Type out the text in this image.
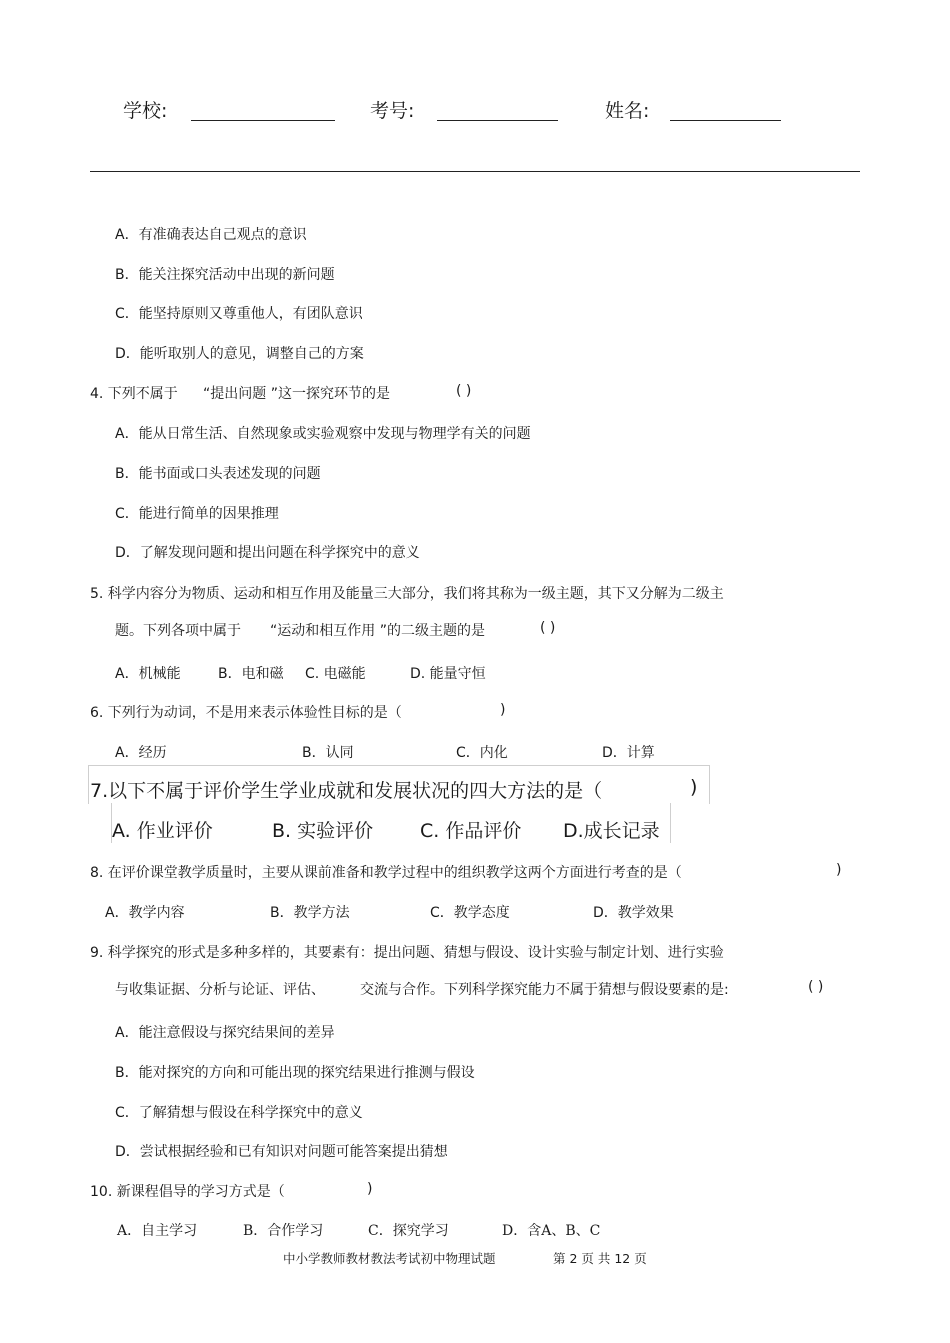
学校:	考号:	姓名:
A．有准确表达自己观点的意识
B．能关注探究活动中出现的新问题
C．能坚持原则又尊重他人，有团队意识
D．能听取别人的意见，调整自己的方案
4. 下列不属于 “提出问题 ”这一探究环节的是	( )
A．能从日常生活、自然现象或实验观察中发现与物理学有关的问题
B．能书面或口头表述发现的问题
C．能进行简单的因果推理
D．了解发现问题和提出问题在科学探究中的意义
5. 科学内容分为物质、运动和相互作用及能量三大部分，我们将其称为一级主题，其下又分解为二级主
题。下列各项中属于 “运动和相互作用 ”的二级主题的是	( )
A．机械能	B．电和磁 C. 电磁能	D. 能量守恒
6. 下列行为动词，不是用来表示体验性目标的是（	)
A．经历	B．认同	C．内化	D．计算
7.以下不属于评价学生学业成就和发展状况的四大方法的是（	)
A. 作业评价	B. 实验评价 C. 作品评价 D.成长记录
8. 在评价课堂教学质量时，主要从课前准备和教学过程中的组织教学这两个方面进行考查的是（	)
A．教学内容	B．教学方法	C．教学态度	D．教学效果
9. 科学探究的形式是多种多样的，其要素有：提出问题、猜想与假设、设计实验与制定计划、进行实验
与收集证据、分析与论证、评估、	交流与合作。下列科学探究能力不属于猜想与假设要素的是:	( )
A．能注意假设与探究结果间的差异
B．能对探究的方向和可能出现的探究结果进行推测与假设
C．了解猜想与假设在科学探究中的意义
D．尝试根据经验和已有知识对问题可能答案提出猜想
10. 新课程倡导的学习方式是（	)
A．自主学习	B．合作学习	C．探究学习	D．含A、B、C
中小学教师教材教法考试初中物理试题	第 2 页 共 12 页
